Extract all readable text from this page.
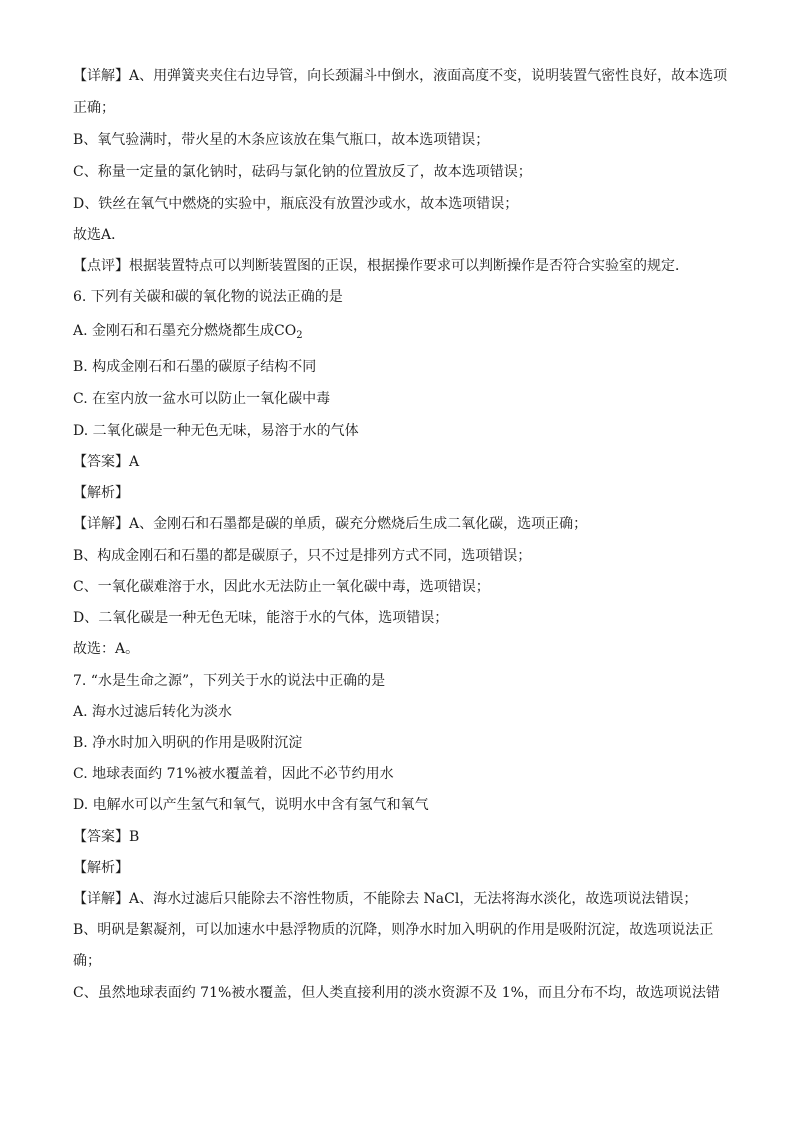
【详解】A、用弹簧夹夹住右边导管，向长颈漏斗中倒水，液面高度不变，说明装置气密性良好，故本选项
正确；
B、氧气验满时，带火星的木条应该放在集气瓶口，故本选项错误；
C、称量一定量的氯化钠时，砝码与氯化钠的位置放反了，故本选项错误；
D、铁丝在氧气中燃烧的实验中，瓶底没有放置沙或水，故本选项错误；
故选A．
【点评】根据装置特点可以判断装置图的正误，根据操作要求可以判断操作是否符合实验室的规定．
6. 下列有关碳和碳的氧化物的说法正确的是
A. 金刚石和石墨充分燃烧都生成$CO_2$
B. 构成金刚石和石墨的碳原子结构不同
C. 在室内放一盆水可以防止一氧化碳中毒
D. 二氧化碳是一种无色无味，易溶于水的气体
【答案】A
【解析】
【详解】A、金刚石和石墨都是碳的单质，碳充分燃烧后生成二氧化碳，选项正确；
B、构成金刚石和石墨的都是碳原子，只不过是排列方式不同，选项错误；
C、一氧化碳难溶于水，因此水无法防止一氧化碳中毒，选项错误；
D、二氧化碳是一种无色无味，能溶于水的气体，选项错误；
故选：A。
7. “水是生命之源”，下列关于水的说法中正确的是
A. 海水过滤后转化为淡水
B. 净水时加入明矾的作用是吸附沉淀
C. 地球表面约 71%被水覆盖着，因此不必节约用水
D. 电解水可以产生氢气和氧气，说明水中含有氢气和氧气
【答案】B
【解析】
【详解】A、海水过滤后只能除去不溶性物质，不能除去 NaCl，无法将海水淡化，故选项说法错误；
B、明矾是絮凝剂，可以加速水中悬浮物质的沉降，则净水时加入明矾的作用是吸附沉淀，故选项说法正
确；
C、虽然地球表面约 71%被水覆盖，但人类直接利用的淡水资源不及 1%，而且分布不均，故选项说法错
